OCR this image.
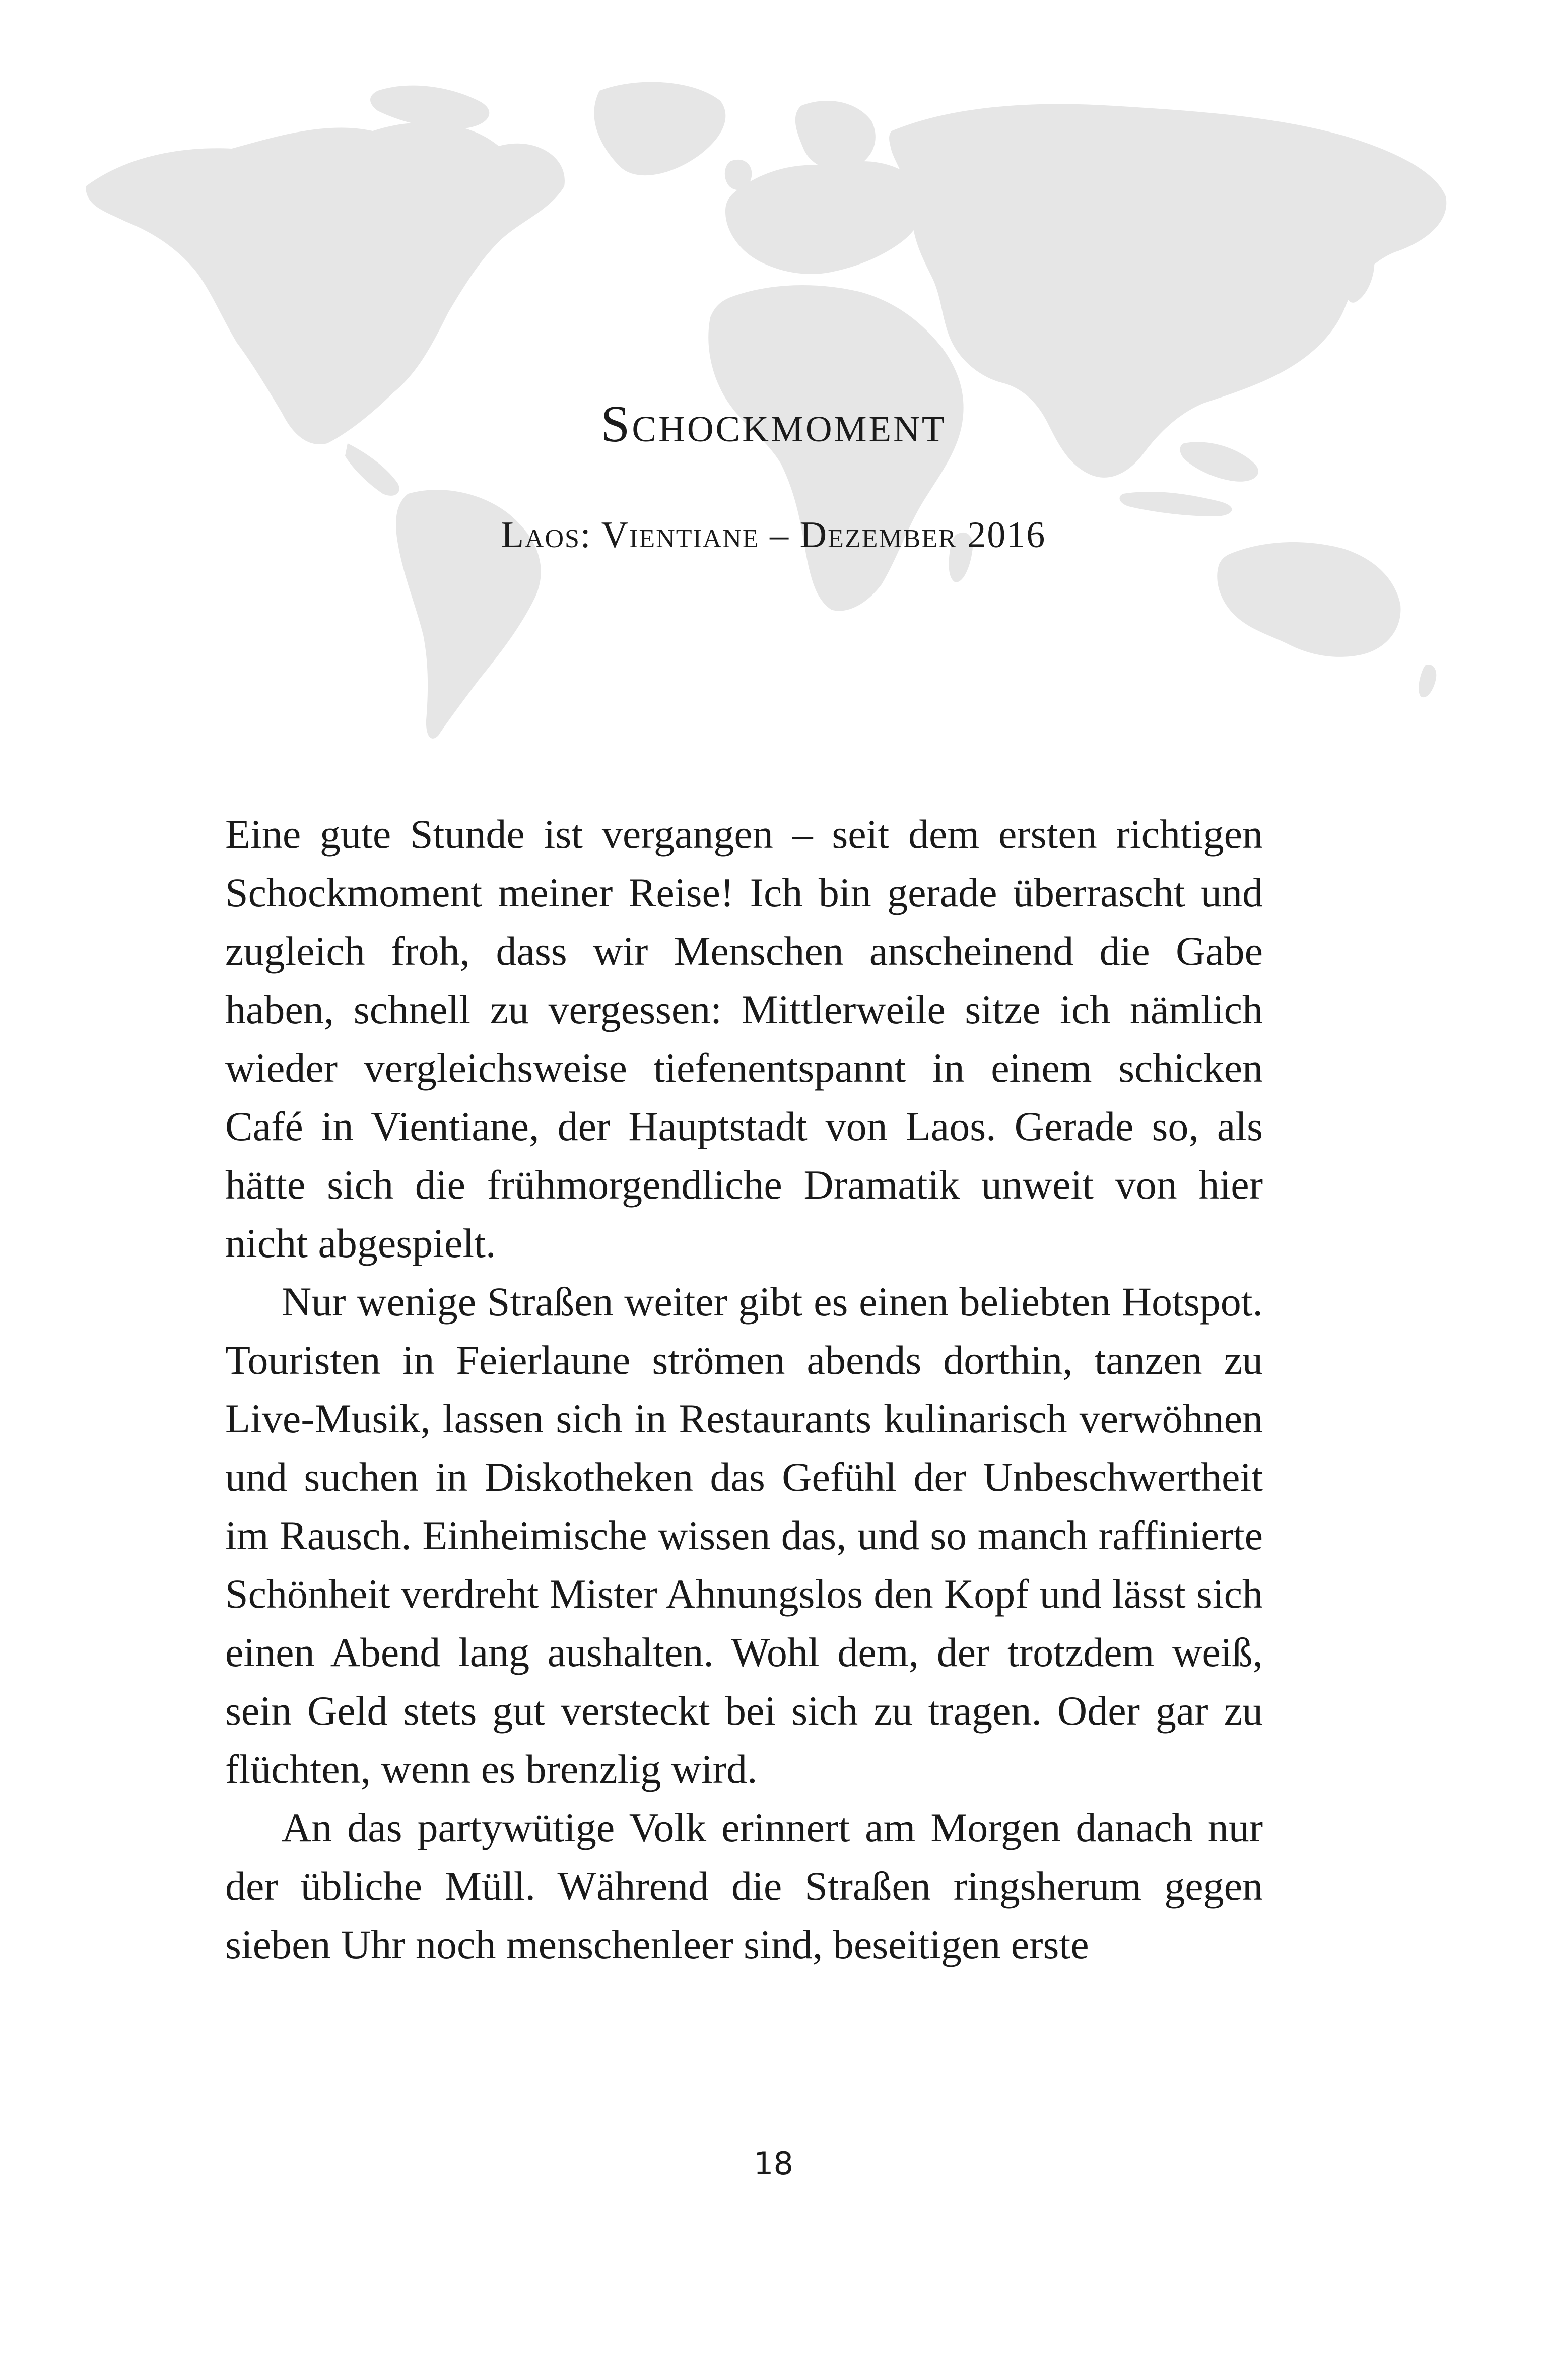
Schockmoment
Laos: Vientiane – Dezember 2016

Eine gute Stunde ist vergangen – seit dem ersten richtigen Schockmoment meiner Reise! Ich bin gerade überrascht und zugleich froh, dass wir Menschen anscheinend die Gabe haben, schnell zu vergessen: Mittlerweile sitze ich nämlich wieder vergleichsweise tiefenentspannt in einem schicken Café in Vientiane, der Hauptstadt von Laos. Gerade so, als hätte sich die frühmorgendliche Dramatik unweit von hier nicht abgespielt.

Nur wenige Straßen weiter gibt es einen beliebten Hotspot. Touristen in Feierlaune strömen abends dorthin, tanzen zu Live-Musik, lassen sich in Restaurants kulinarisch verwöhnen und suchen in Diskotheken das Gefühl der Unbeschwertheit im Rausch. Einheimische wissen das, und so manch raffinierte Schönheit verdreht Mister Ahnungslos den Kopf und lässt sich einen Abend lang aushalten. Wohl dem, der trotzdem weiß, sein Geld stets gut versteckt bei sich zu tragen. Oder gar zu flüchten, wenn es brenzlig wird.

An das partywütige Volk erinnert am Morgen danach nur der übliche Müll. Während die Straßen ringsherum gegen sieben Uhr noch menschenleer sind, beseitigen erste

18
